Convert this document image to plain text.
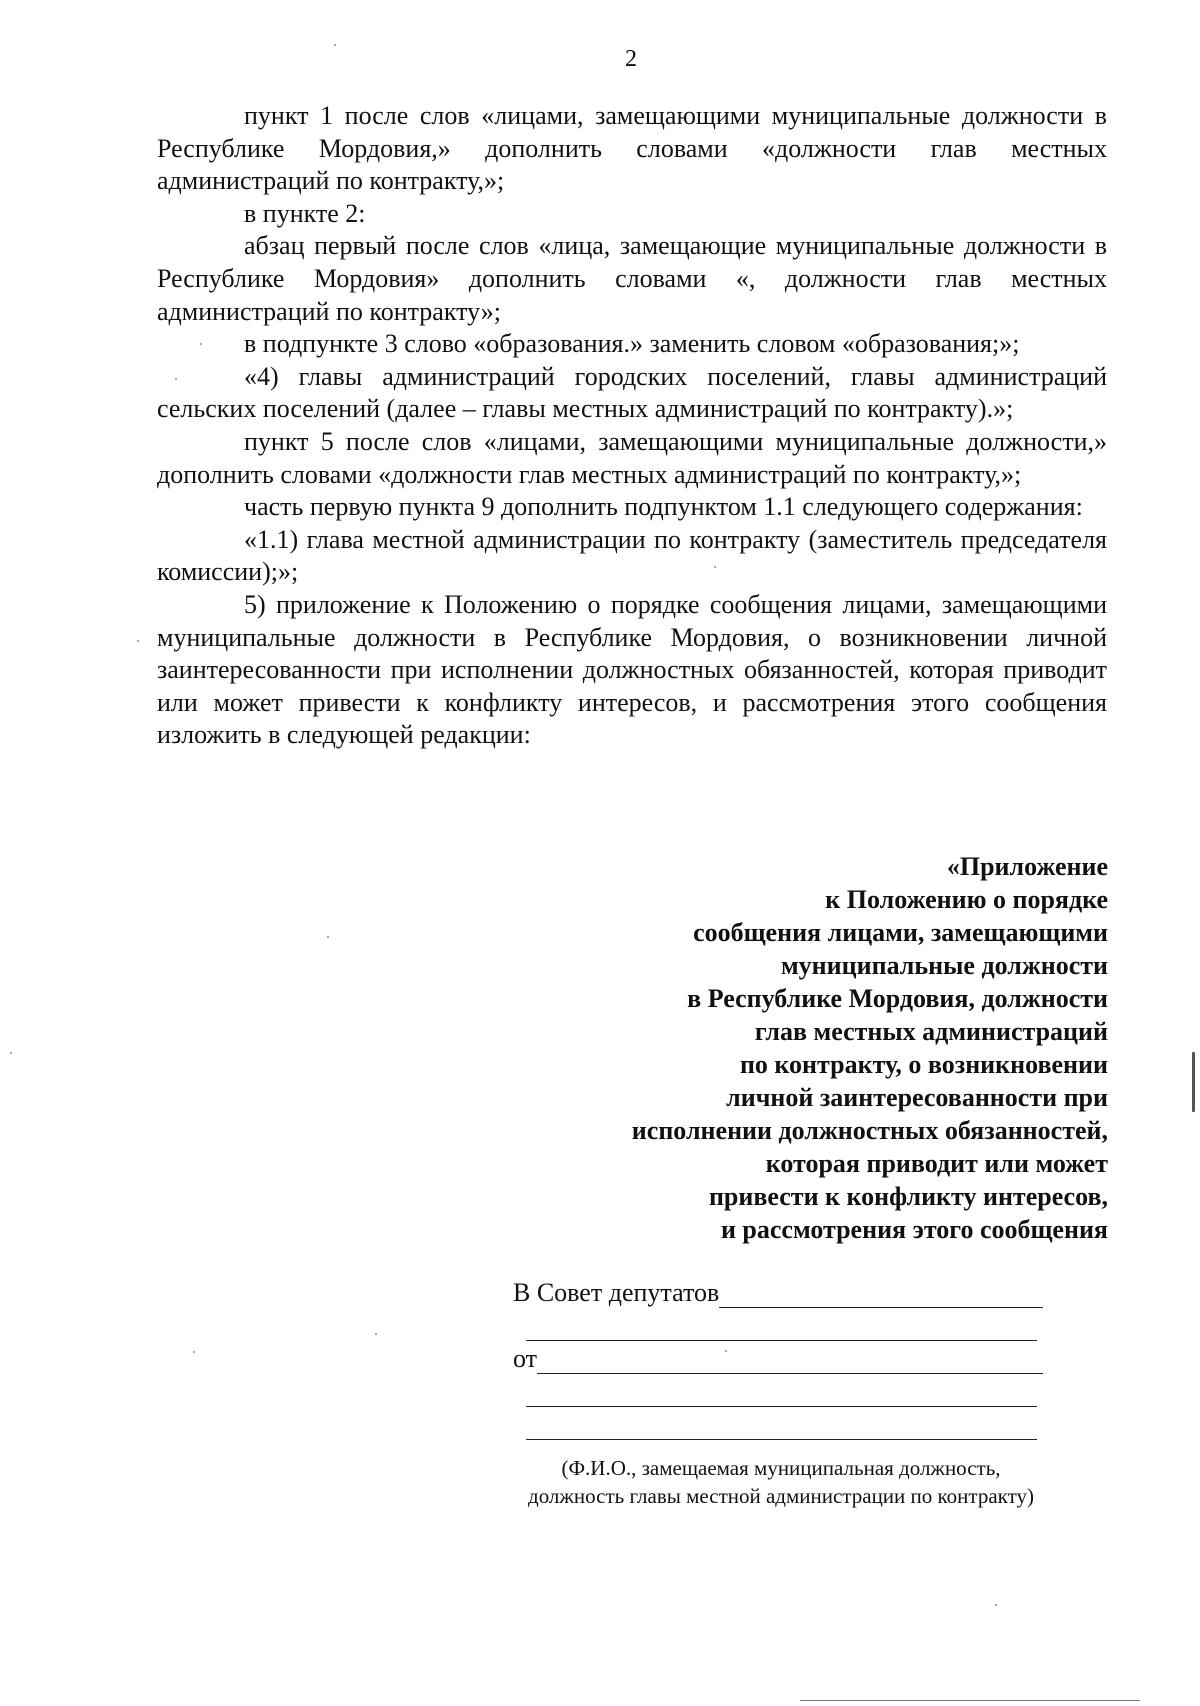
2

пункт 1 после слов «лицами, замещающими муниципальные должности в Республике Мордовия,» дополнить словами «должности глав местных администраций по контракту,»;

в пункте 2:

абзац первый после слов «лица, замещающие муниципальные должности в Республике Мордовия» дополнить словами «, должности глав местных администраций по контракту»;

в подпункте 3 слово «образования.» заменить словом «образования;»;

«4) главы администраций городских поселений, главы администраций сельских поселений (далее – главы местных администраций по контракту).»;

пункт 5 после слов «лицами, замещающими муниципальные должности,» дополнить словами «должности глав местных администраций по контракту,»;

часть первую пункта 9 дополнить подпунктом 1.1 следующего содержания:

«1.1) глава местной администрации по контракту (заместитель председателя комиссии);»;

5) приложение к Положению о порядке сообщения лицами, замещающими муниципальные должности в Республике Мордовия, о возникновении личной заинтересованности при исполнении должностных обязанностей, которая приводит или может привести к конфликту интересов, и рассмотрения этого сообщения изложить в следующей редакции:

«Приложение
к Положению о порядке
сообщения лицами, замещающими
муниципальные должности
в Республике Мордовия, должности
глав местных администраций
по контракту, о возникновении
личной заинтересованности при
исполнении должностных обязанностей,
которая приводит или может
привести к конфликту интересов,
и рассмотрения этого сообщения
В Совет депутатов
от
(Ф.И.О., замещаемая муниципальная должность,
должность главы местной администрации по контракту)
